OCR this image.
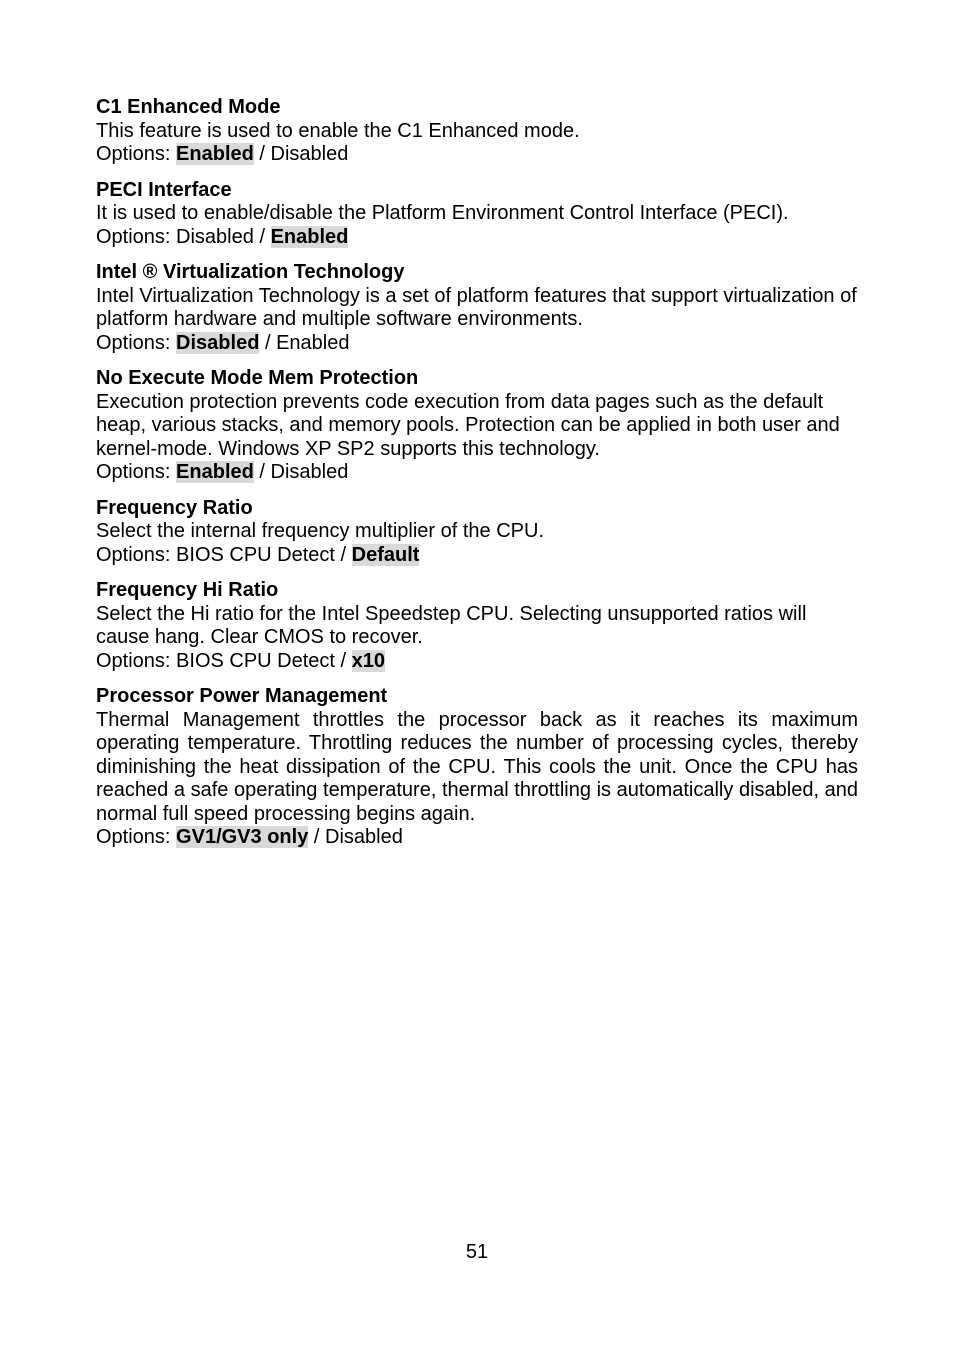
C1 Enhanced Mode
This feature is used to enable the C1 Enhanced mode.
Options: Enabled / Disabled
PECI Interface
It is used to enable/disable the Platform Environment Control Interface (PECI).
Options: Disabled / Enabled
Intel ® Virtualization Technology
Intel Virtualization Technology is a set of platform features that support virtualization of platform hardware and multiple software environments.
Options: Disabled / Enabled
No Execute Mode Mem Protection
Execution protection prevents code execution from data pages such as the default heap, various stacks, and memory pools. Protection can be applied in both user and kernel-mode. Windows XP SP2 supports this technology.
Options: Enabled / Disabled
Frequency Ratio
Select the internal frequency multiplier of the CPU.
Options: BIOS CPU Detect / Default
Frequency Hi Ratio
Select the Hi ratio for the Intel Speedstep CPU. Selecting unsupported ratios will cause hang. Clear CMOS to recover.
Options: BIOS CPU Detect / x10
Processor Power Management
Thermal Management throttles the processor back as it reaches its maximum operating temperature. Throttling reduces the number of processing cycles, thereby diminishing the heat dissipation of the CPU. This cools the unit. Once the CPU has reached a safe operating temperature, thermal throttling is automatically disabled, and normal full speed processing begins again.
Options: GV1/GV3 only / Disabled
51
